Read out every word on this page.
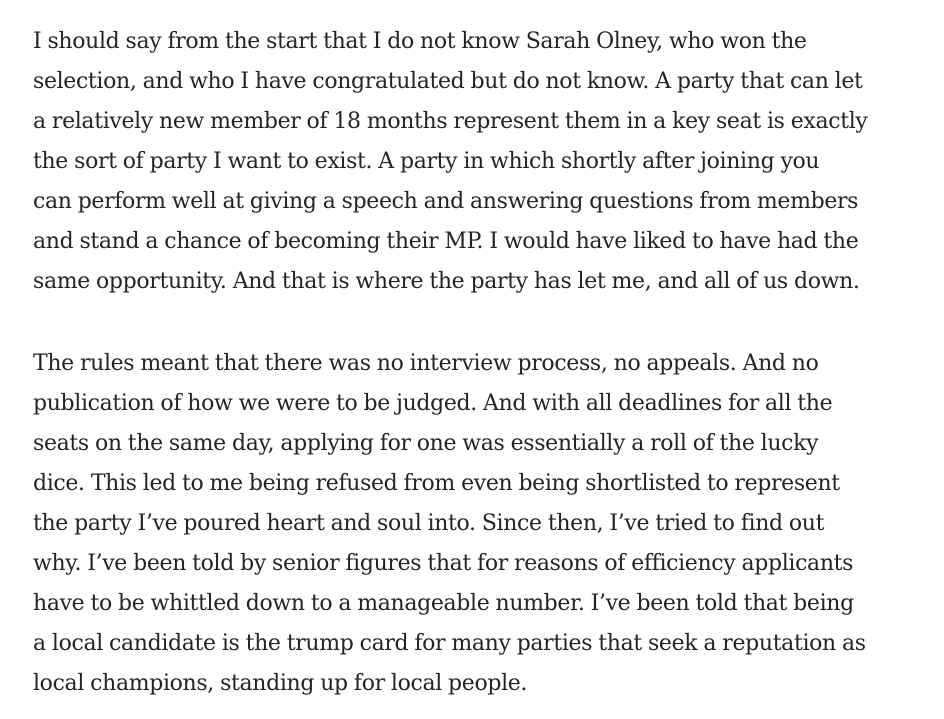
I should say from the start that I do not know Sarah Olney, who won the
selection, and who I have congratulated but do not know. A party that can let
a relatively new member of 18 months represent them in a key seat is exactly
the sort of party I want to exist. A party in which shortly after joining you
can perform well at giving a speech and answering questions from members
and stand a chance of becoming their MP. I would have liked to have had the
same opportunity. And that is where the party has let me, and all of us down.

The rules meant that there was no interview process, no appeals. And no
publication of how we were to be judged. And with all deadlines for all the
seats on the same day, applying for one was essentially a roll of the lucky
dice. This led to me being refused from even being shortlisted to represent
the party I’ve poured heart and soul into. Since then, I’ve tried to find out
why. I’ve been told by senior figures that for reasons of efficiency applicants
have to be whittled down to a manageable number. I’ve been told that being
a local candidate is the trump card for many parties that seek a reputation as
local champions, standing up for local people.
